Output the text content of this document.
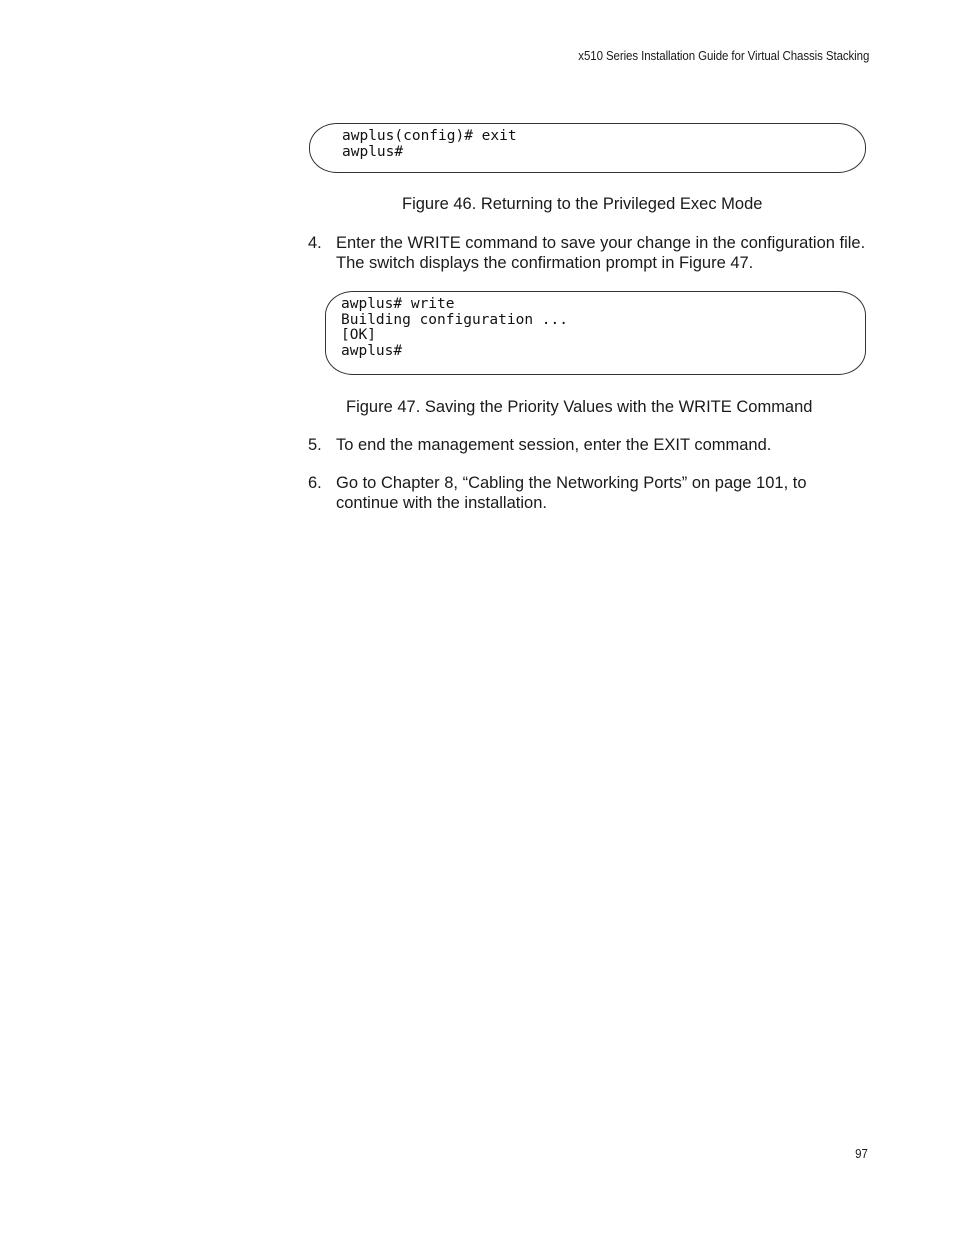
x510 Series Installation Guide for Virtual Chassis Stacking
awplus(config)# exit
awplus#
Figure 46. Returning to the Privileged Exec Mode
4. Enter the WRITE command to save your change in the configuration file. The switch displays the confirmation prompt in Figure 47.
awplus# write
Building configuration ...
[OK]
awplus#
Figure 47. Saving the Priority Values with the WRITE Command
5. To end the management session, enter the EXIT command.
6. Go to Chapter 8, “Cabling the Networking Ports” on page 101, to continue with the installation.
97
